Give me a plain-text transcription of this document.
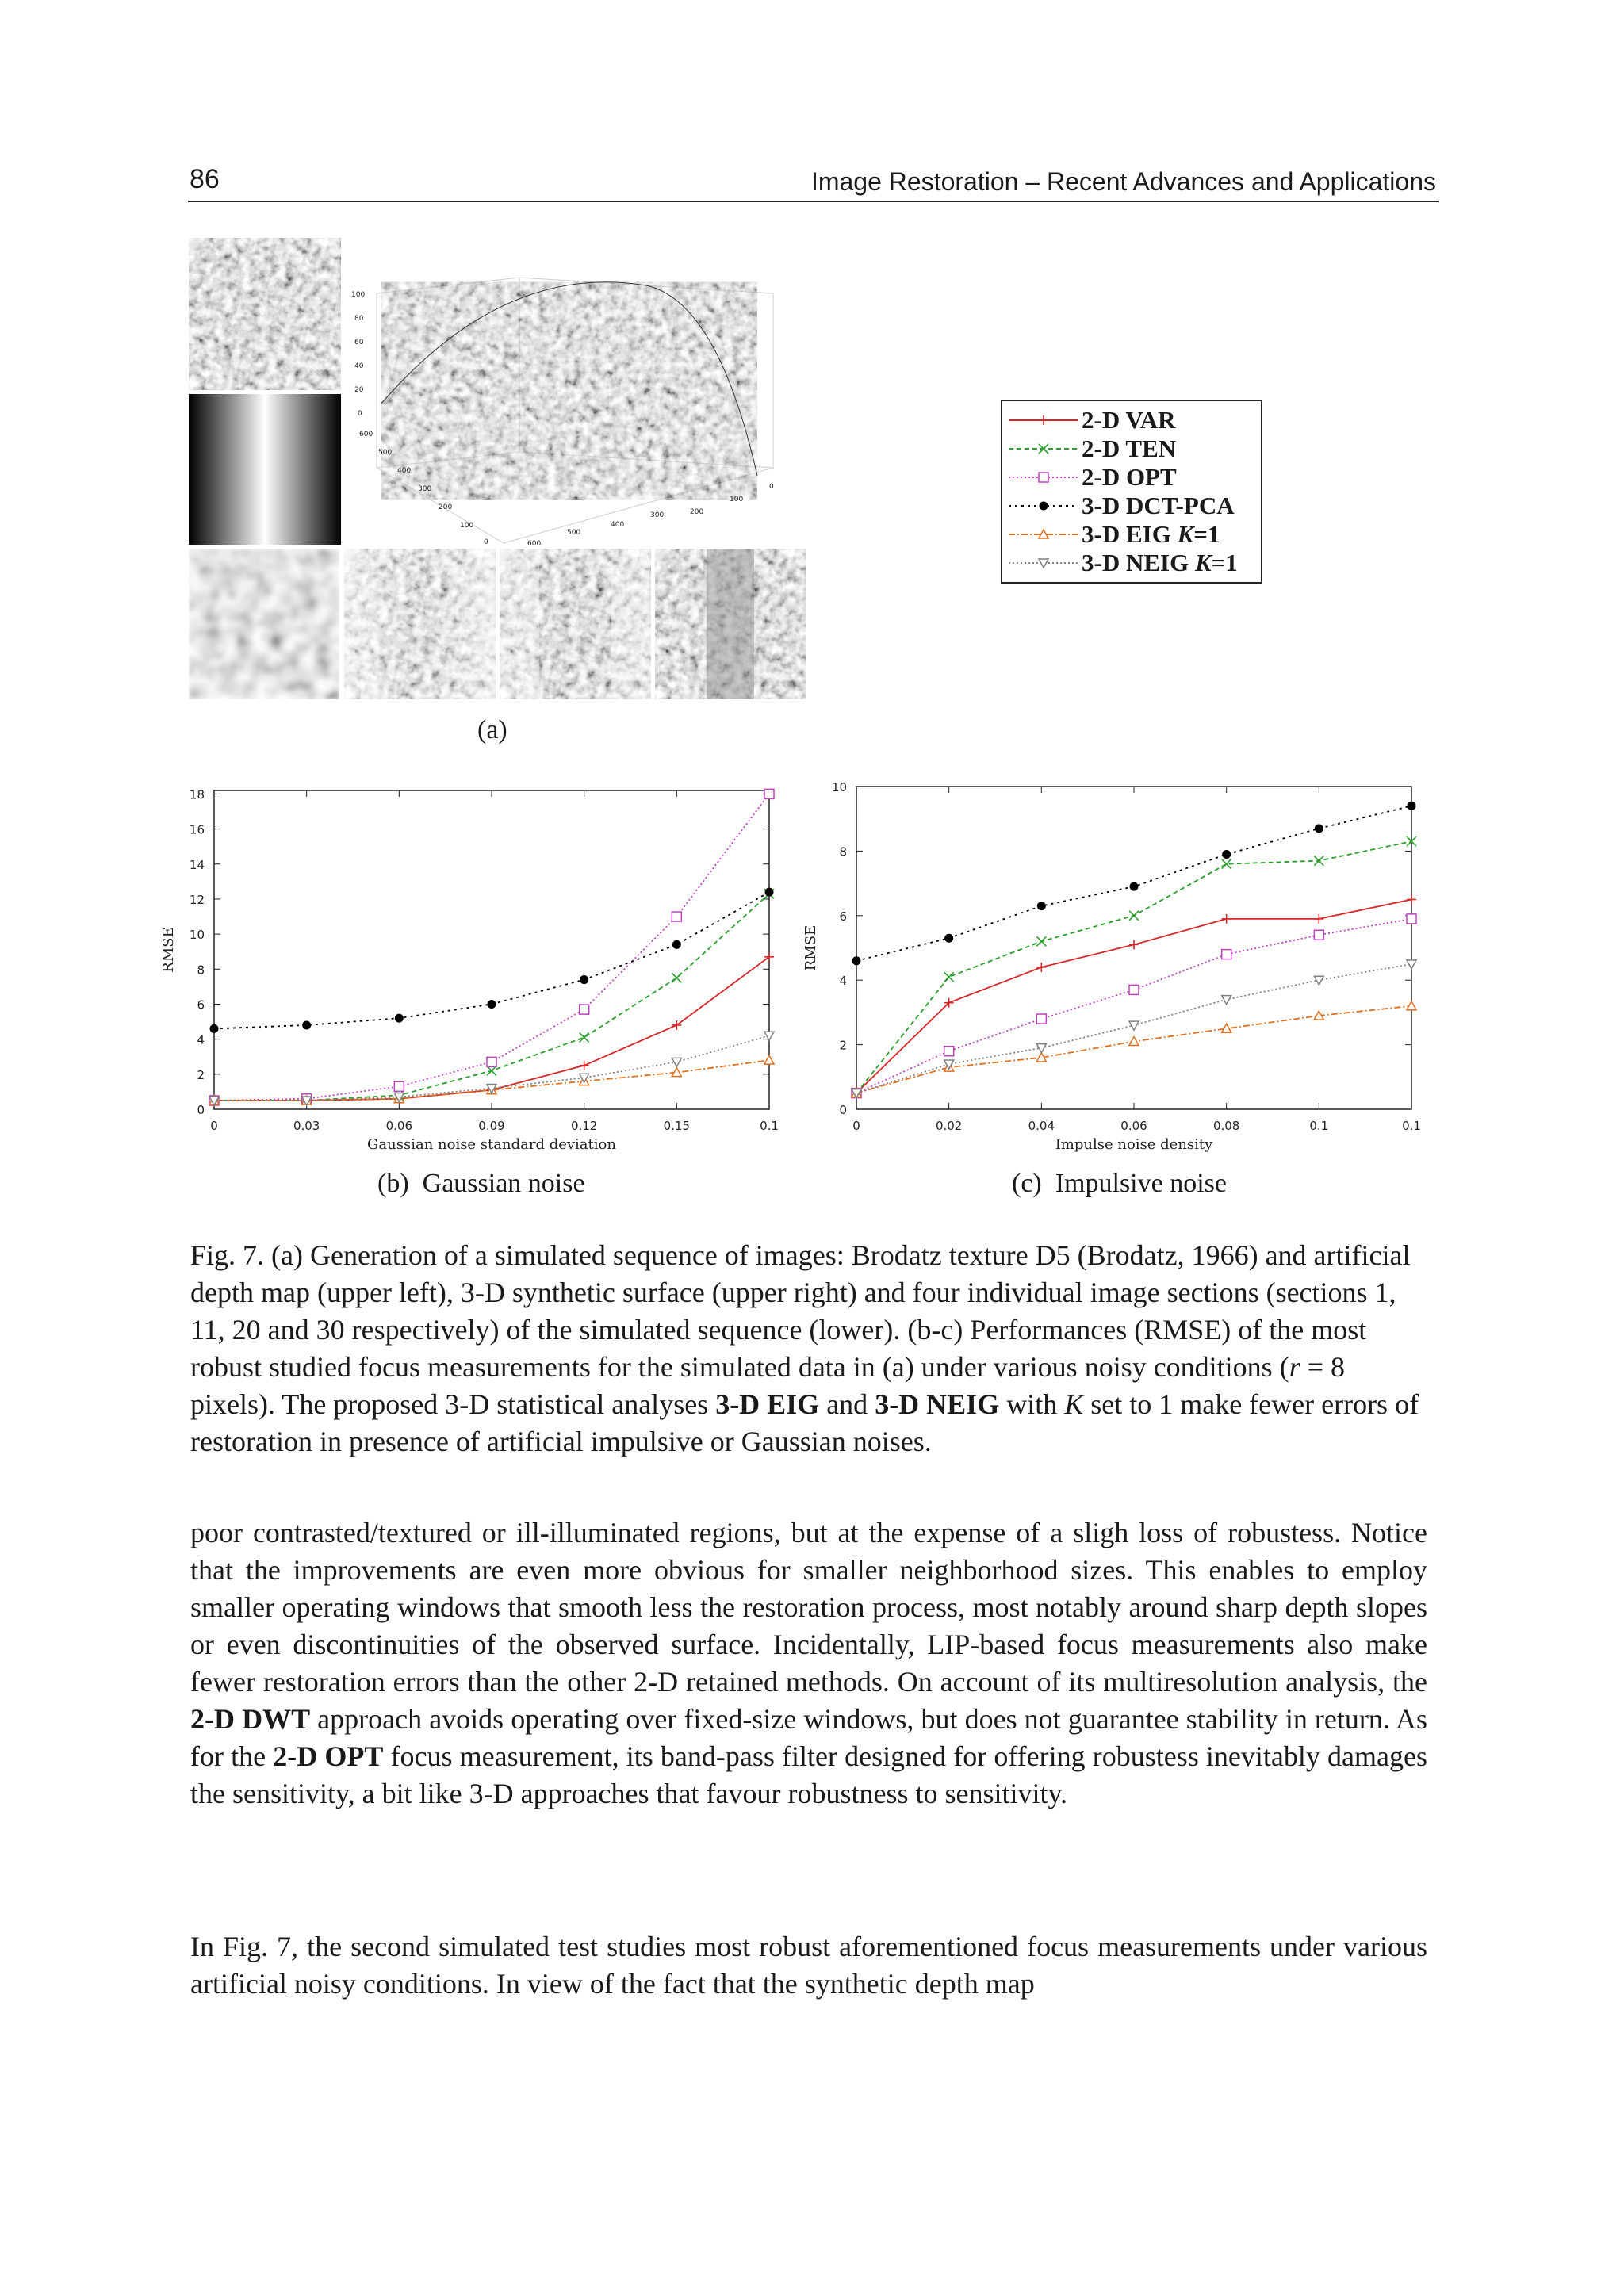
86	Image Restoration – Recent Advances and Applications
100
80
60
40
20
0
600
500
400
300
200
100
0
0
100
200
300
400
500
600
(a)
2-D VAR
2-D TEN
2-D OPT
3-D DCT-PCA
3-D EIG K=1
3-D NEIG K=1
0
2
4
6
8
10
12
14
16
18
0	0.03	0.06	0.09	0.12	0.15	0.1
Gaussian noise standard deviation
RMSE
0
2
4
6
8
10
0	0.02	0.04	0.06	0.08	0.1	0.1
Impulse noise density
RMSE
(b) Gaussian noise	(c) Impulsive noise
Fig. 7. (a) Generation of a simulated sequence of images: Brodatz texture D5 (Brodatz, 1966) and artificial depth map (upper left), 3-D synthetic surface (upper right) and four individual image sections (sections 1, 11, 20 and 30 respectively) of the simulated sequence (lower). (b-c) Performances (RMSE) of the most robust studied focus measurements for the simulated data in (a) under various noisy conditions (r = 8 pixels). The proposed 3-D statistical analyses 3-D EIG and 3-D NEIG with K set to 1 make fewer errors of restoration in presence of artificial impulsive or Gaussian noises.
poor contrasted/textured or ill-illuminated regions, but at the expense of a sligh loss of robustess. Notice that the improvements are even more obvious for smaller neighborhood sizes. This enables to employ smaller operating windows that smooth less the restoration process, most notably around sharp depth slopes or even discontinuities of the observed surface. Incidentally, LIP-based focus measurements also make fewer restoration errors than the other 2-D retained methods. On account of its multiresolution analysis, the 2-D DWT approach avoids operating over fixed-size windows, but does not guarantee stability in return. As for the 2-D OPT focus measurement, its band-pass filter designed for offering robustess inevitably damages the sensitivity, a bit like 3-D approaches that favour robustness to sensitivity.
In Fig. 7, the second simulated test studies most robust aforementioned focus measurements under various artificial noisy conditions. In view of the fact that the synthetic depth map
